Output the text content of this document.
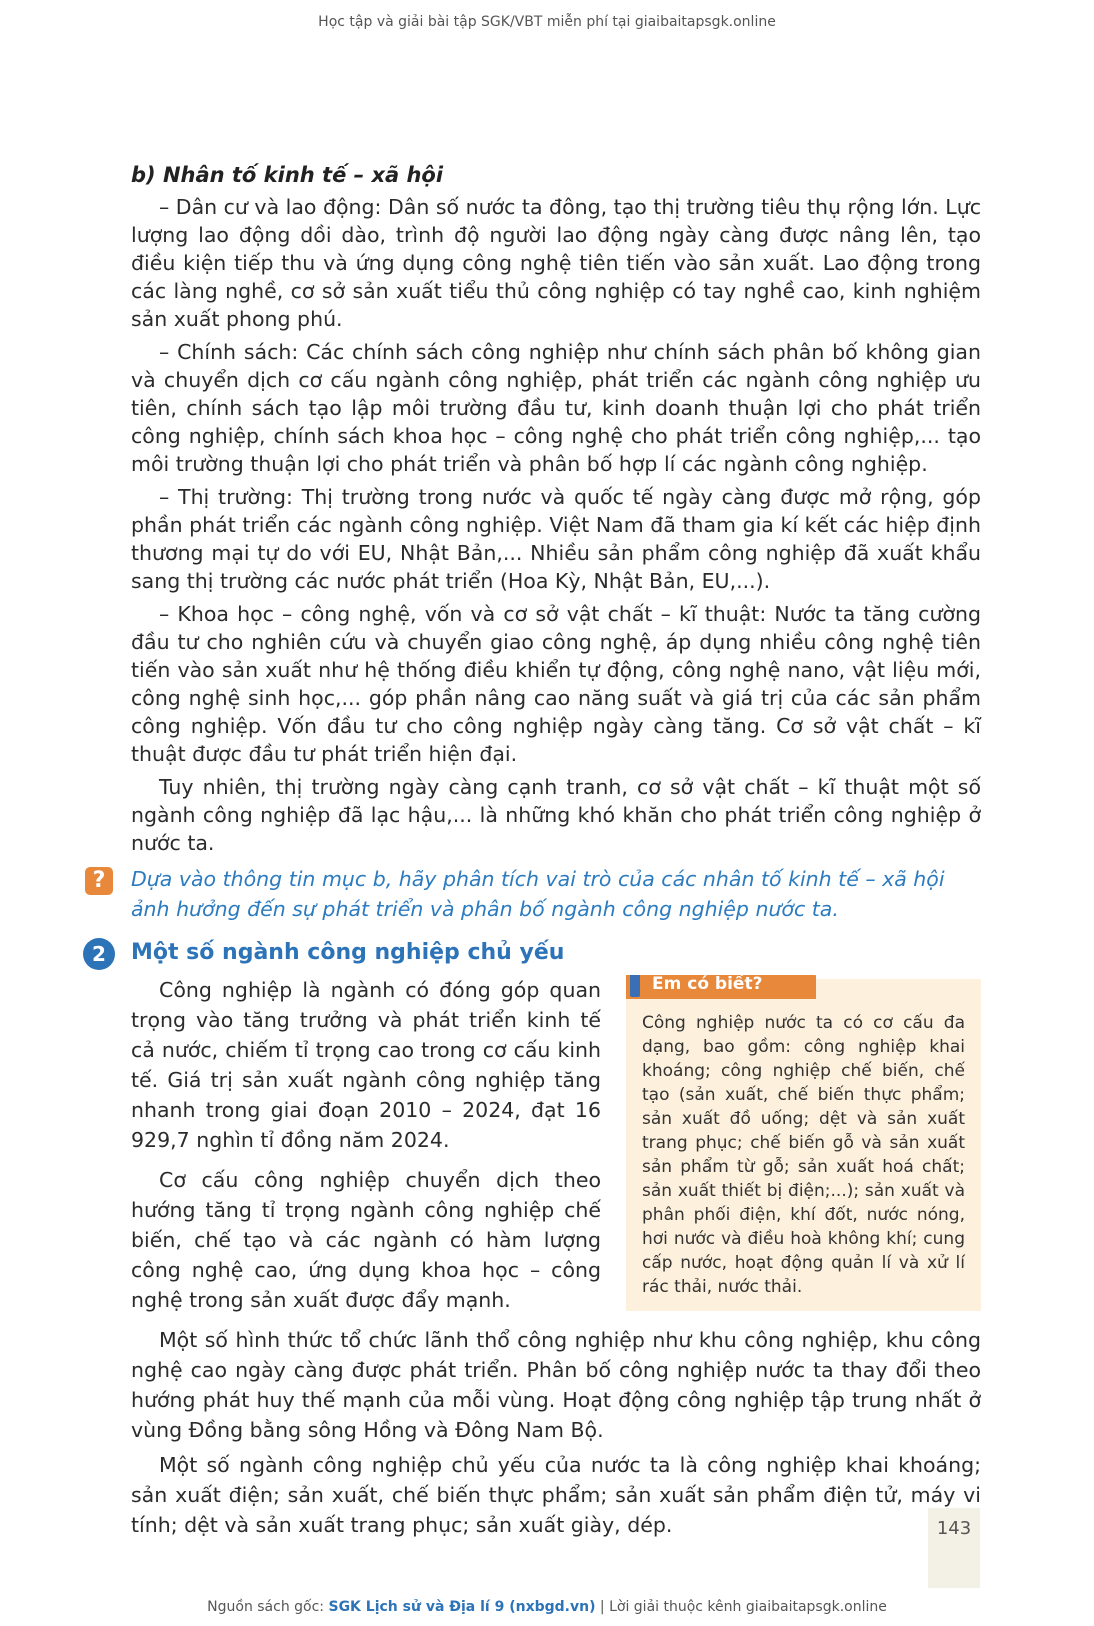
Học tập và giải bài tập SGK/VBT miễn phí tại giaibaitapsgk.online
b) Nhân tố kinh tế – xã hội

– Dân cư và lao động: Dân số nước ta đông, tạo thị trường tiêu thụ rộng lớn. Lực lượng lao động dồi dào, trình độ người lao động ngày càng được nâng lên, tạo điều kiện tiếp thu và ứng dụng công nghệ tiên tiến vào sản xuất. Lao động trong các làng nghề, cơ sở sản xuất tiểu thủ công nghiệp có tay nghề cao, kinh nghiệm sản xuất phong phú.

– Chính sách: Các chính sách công nghiệp như chính sách phân bố không gian và chuyển dịch cơ cấu ngành công nghiệp, phát triển các ngành công nghiệp ưu tiên, chính sách tạo lập môi trường đầu tư, kinh doanh thuận lợi cho phát triển công nghiệp, chính sách khoa học – công nghệ cho phát triển công nghiệp,... tạo môi trường thuận lợi cho phát triển và phân bố hợp lí các ngành công nghiệp.

– Thị trường: Thị trường trong nước và quốc tế ngày càng được mở rộng, góp phần phát triển các ngành công nghiệp. Việt Nam đã tham gia kí kết các hiệp định thương mại tự do với EU, Nhật Bản,... Nhiều sản phẩm công nghiệp đã xuất khẩu sang thị trường các nước phát triển (Hoa Kỳ, Nhật Bản, EU,...).

– Khoa học – công nghệ, vốn và cơ sở vật chất – kĩ thuật: Nước ta tăng cường đầu tư cho nghiên cứu và chuyển giao công nghệ, áp dụng nhiều công nghệ tiên tiến vào sản xuất như hệ thống điều khiển tự động, công nghệ nano, vật liệu mới, công nghệ sinh học,... góp phần nâng cao năng suất và giá trị của các sản phẩm công nghiệp. Vốn đầu tư cho công nghiệp ngày càng tăng. Cơ sở vật chất – kĩ thuật được đầu tư phát triển hiện đại.

Tuy nhiên, thị trường ngày càng cạnh tranh, cơ sở vật chất – kĩ thuật một số ngành công nghiệp đã lạc hậu,... là những khó khăn cho phát triển công nghiệp ở nước ta.

?	Dựa vào thông tin mục b, hãy phân tích vai trò của các nhân tố kinh tế – xã hội ảnh hưởng đến sự phát triển và phân bố ngành công nghiệp nước ta.
2	Một số ngành công nghiệp chủ yếu

Công nghiệp là ngành có đóng góp quan trọng vào tăng trưởng và phát triển kinh tế cả nước, chiếm tỉ trọng cao trong cơ cấu kinh tế. Giá trị sản xuất ngành công nghiệp tăng nhanh trong giai đoạn 2010 – 2024, đạt 16 929,7 nghìn tỉ đồng năm 2024.

Cơ cấu công nghiệp chuyển dịch theo hướng tăng tỉ trọng ngành công nghiệp chế biến, chế tạo và các ngành có hàm lượng công nghệ cao, ứng dụng khoa học – công nghệ trong sản xuất được đẩy mạnh.

Em có biết?
Công nghiệp nước ta có cơ cấu đa dạng, bao gồm: công nghiệp khai khoáng; công nghiệp chế biến, chế tạo (sản xuất, chế biến thực phẩm; sản xuất đồ uống; dệt và sản xuất trang phục; chế biến gỗ và sản xuất sản phẩm từ gỗ; sản xuất hoá chất; sản xuất thiết bị điện;...); sản xuất và phân phối điện, khí đốt, nước nóng, hơi nước và điều hoà không khí; cung cấp nước, hoạt động quản lí và xử lí rác thải, nước thải.

Một số hình thức tổ chức lãnh thổ công nghiệp như khu công nghiệp, khu công nghệ cao ngày càng được phát triển. Phân bố công nghiệp nước ta thay đổi theo hướng phát huy thế mạnh của mỗi vùng. Hoạt động công nghiệp tập trung nhất ở vùng Đồng bằng sông Hồng và Đông Nam Bộ.

Một số ngành công nghiệp chủ yếu của nước ta là công nghiệp khai khoáng; sản xuất điện; sản xuất, chế biến thực phẩm; sản xuất sản phẩm điện tử, máy vi tính; dệt và sản xuất trang phục; sản xuất giày, dép.	143
Nguồn sách gốc: SGK Lịch sử và Địa lí 9 (nxbgd.vn) | Lời giải thuộc kênh giaibaitapsgk.online
